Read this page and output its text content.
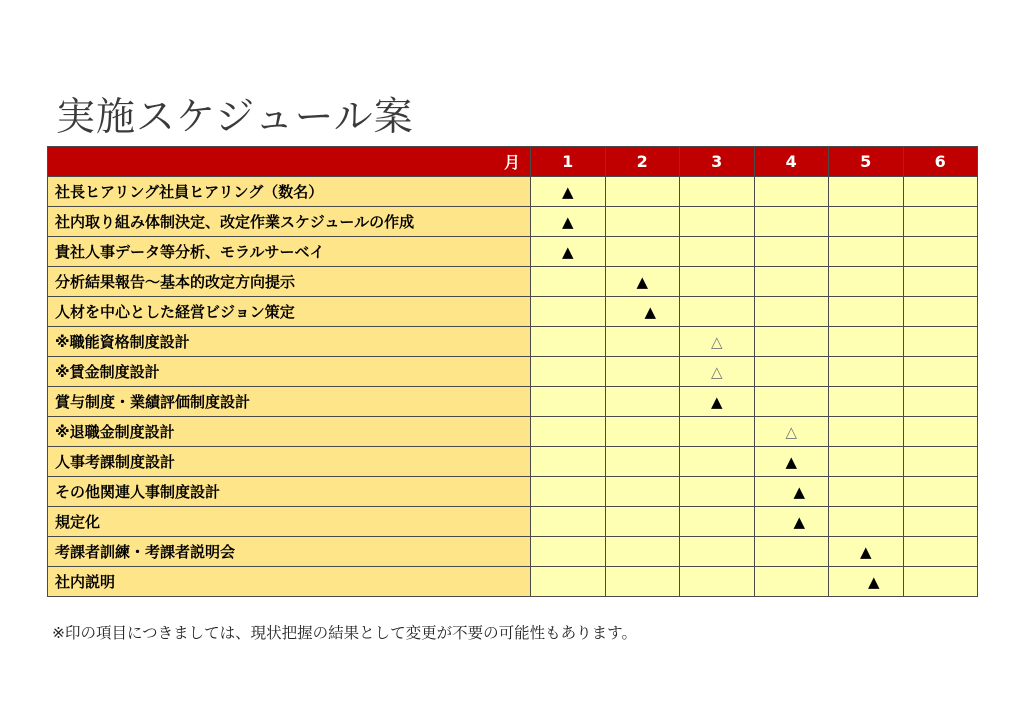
実施スケジュール案
月	1	2	3	4	5	6
社長ヒアリング社員ヒアリング（数名）	▲					
社内取り組み体制決定、改定作業スケジュールの作成	▲					
貴社人事データ等分析、モラルサーベイ	▲					
分析結果報告～基本的改定方向提示		▲				
人材を中心とした経営ビジョン策定		▲				
※職能資格制度設計			△			
※賃金制度設計			△			
賞与制度・業績評価制度設計			▲			
※退職金制度設計				△		
人事考課制度設計				▲		
その他関連人事制度設計				▲		
規定化				▲		
考課者訓練・考課者説明会					▲	
社内説明					▲	
※印の項目につきましては、現状把握の結果として変更が不要の可能性もあります。
